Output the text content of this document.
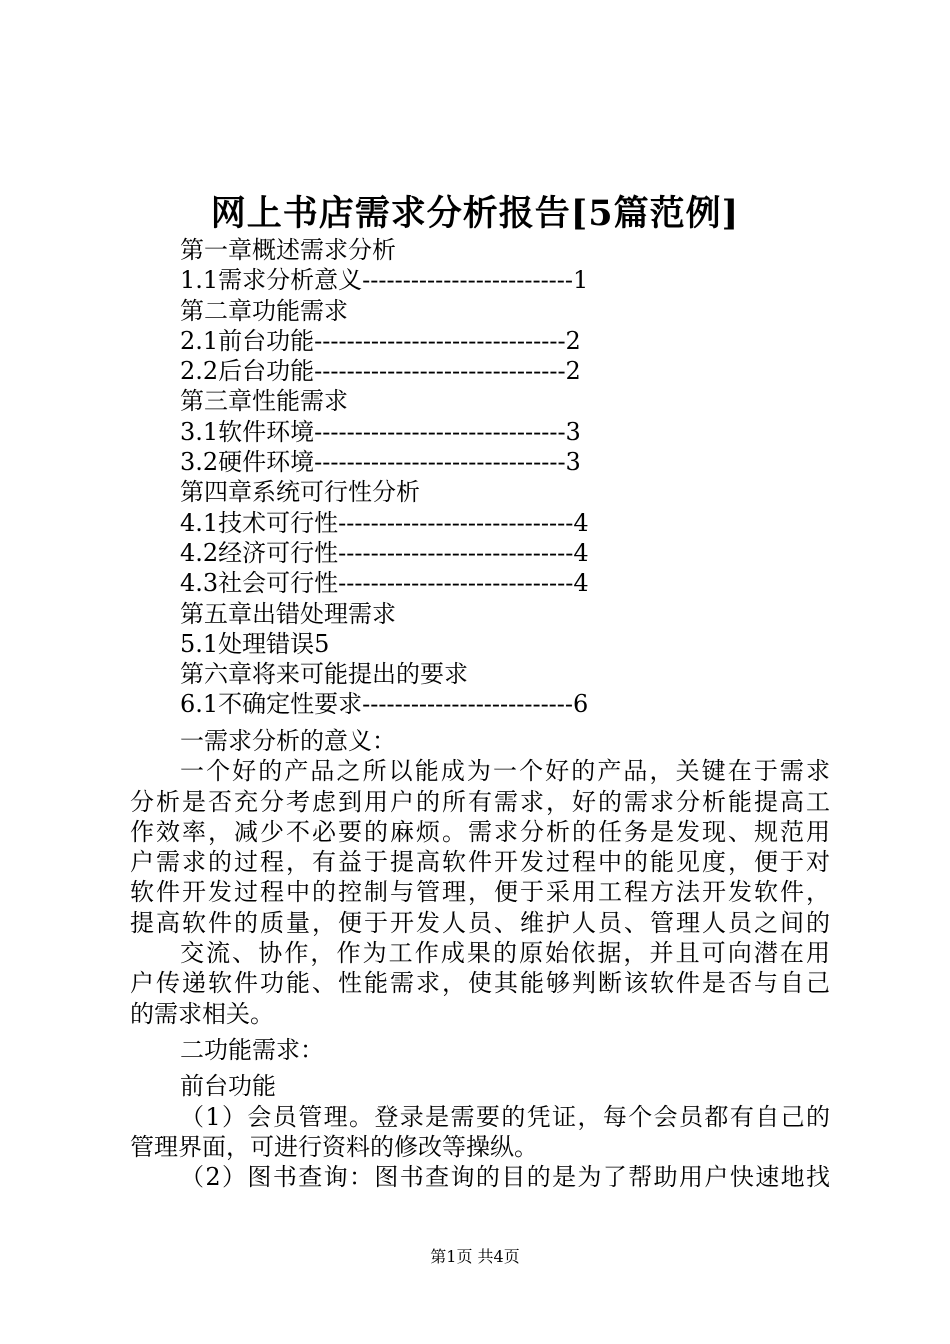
网上书店需求分析报告[5篇范例]
第一章概述需求分析
1.1需求分析意义--------------------------1
第二章功能需求
2.1前台功能-------------------------------2
2.2后台功能-------------------------------2
第三章性能需求
3.1软件环境-------------------------------3
3.2硬件环境-------------------------------3
第四章系统可行性分析
4.1技术可行性-----------------------------4
4.2经济可行性-----------------------------4
4.3社会可行性-----------------------------4
第五章出错处理需求
5.1处理错误5
第六章将来可能提出的要求
6.1不确定性要求--------------------------6
一需求分析的意义：
一个好的产品之所以能成为一个好的产品，关键在于需求
分析是否充分考虑到用户的所有需求，好的需求分析能提高工
作效率，减少不必要的麻烦。需求分析的任务是发现、规范用
户需求的过程，有益于提高软件开发过程中的能见度，便于对
软件开发过程中的控制与管理，便于采用工程方法开发软件，
提高软件的质量，便于开发人员、维护人员、管理人员之间的
交流、协作，作为工作成果的原始依据，并且可向潜在用
户传递软件功能、性能需求，使其能够判断该软件是否与自己
的需求相关。
二功能需求：
前台功能
（1）会员管理。登录是需要的凭证，每个会员都有自己的
管理界面，可进行资料的修改等操纵。
（2）图书查询：图书查询的目的是为了帮助用户快速地找
第1页 共4页
